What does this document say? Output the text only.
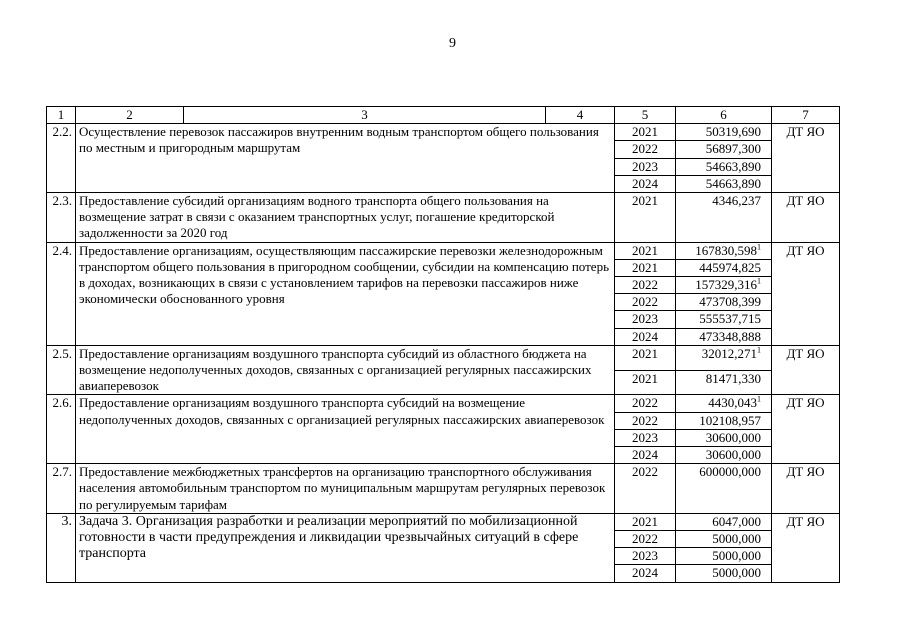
9
1	2	3	4	5	6	7
2.2.	Осуществление перевозок пассажиров внутренним водным транспортом общего пользования по местным и пригородным маршрутам			2021	50319,690	ДТ ЯО
				2022	56897,300	
				2023	54663,890	
				2024	54663,890	
2.3.	Предоставление субсидий организациям водного транспорта общего пользования на возмещение затрат в связи с оказанием транспортных услуг, погашение кредиторской задолженности за 2020 год			2021	4346,237	ДТ ЯО
2.4.	Предоставление организациям, осуществляющим пассажирские перевозки железнодорожным транспортом общего пользования в пригородном сообщении, субсидии на компенсацию потерь в доходах, возникающих в связи с установлением тарифов на перевозки пассажиров ниже экономически обоснованного уровня			2021	167830,598$^1$	ДТ ЯО
				2021	445974,825	
				2022	157329,316$^1$
				2022	473708,399	
				2023	555537,715	
				2024	473348,888	
2.5.	Предоставление организациям воздушного транспорта субсидий из областного бюджета на возмещение недополученных доходов, связанных с организацией регулярных пассажирских авиаперевозок			2021	32012,271$^1$	ДТ ЯО
				2021	81471,330	
2.6.	Предоставление организациям воздушного транспорта субсидий на возмещение недополученных доходов, связанных с организацией регулярных пассажирских авиаперевозок			2022	4430,043$^1$	ДТ ЯО
				2022	102108,957	
				2023	30600,000	
				2024	30600,000	
2.7.	Предоставление межбюджетных трансфертов на организацию транспортного обслуживания населения автомобильным транспортом по муниципальным маршрутам регулярных перевозок по регулируемым тарифам			2022	600000,000	ДТ ЯО
3.	Задача 3. Организация разработки и реализации мероприятий по мобилизационной готовности в части предупреждения и ликвидации чрезвычайных ситуаций в сфере транспорта			2021	6047,000	ДТ ЯО
				2022	5000,000	
				2023	5000,000	
				2024	5000,000	
